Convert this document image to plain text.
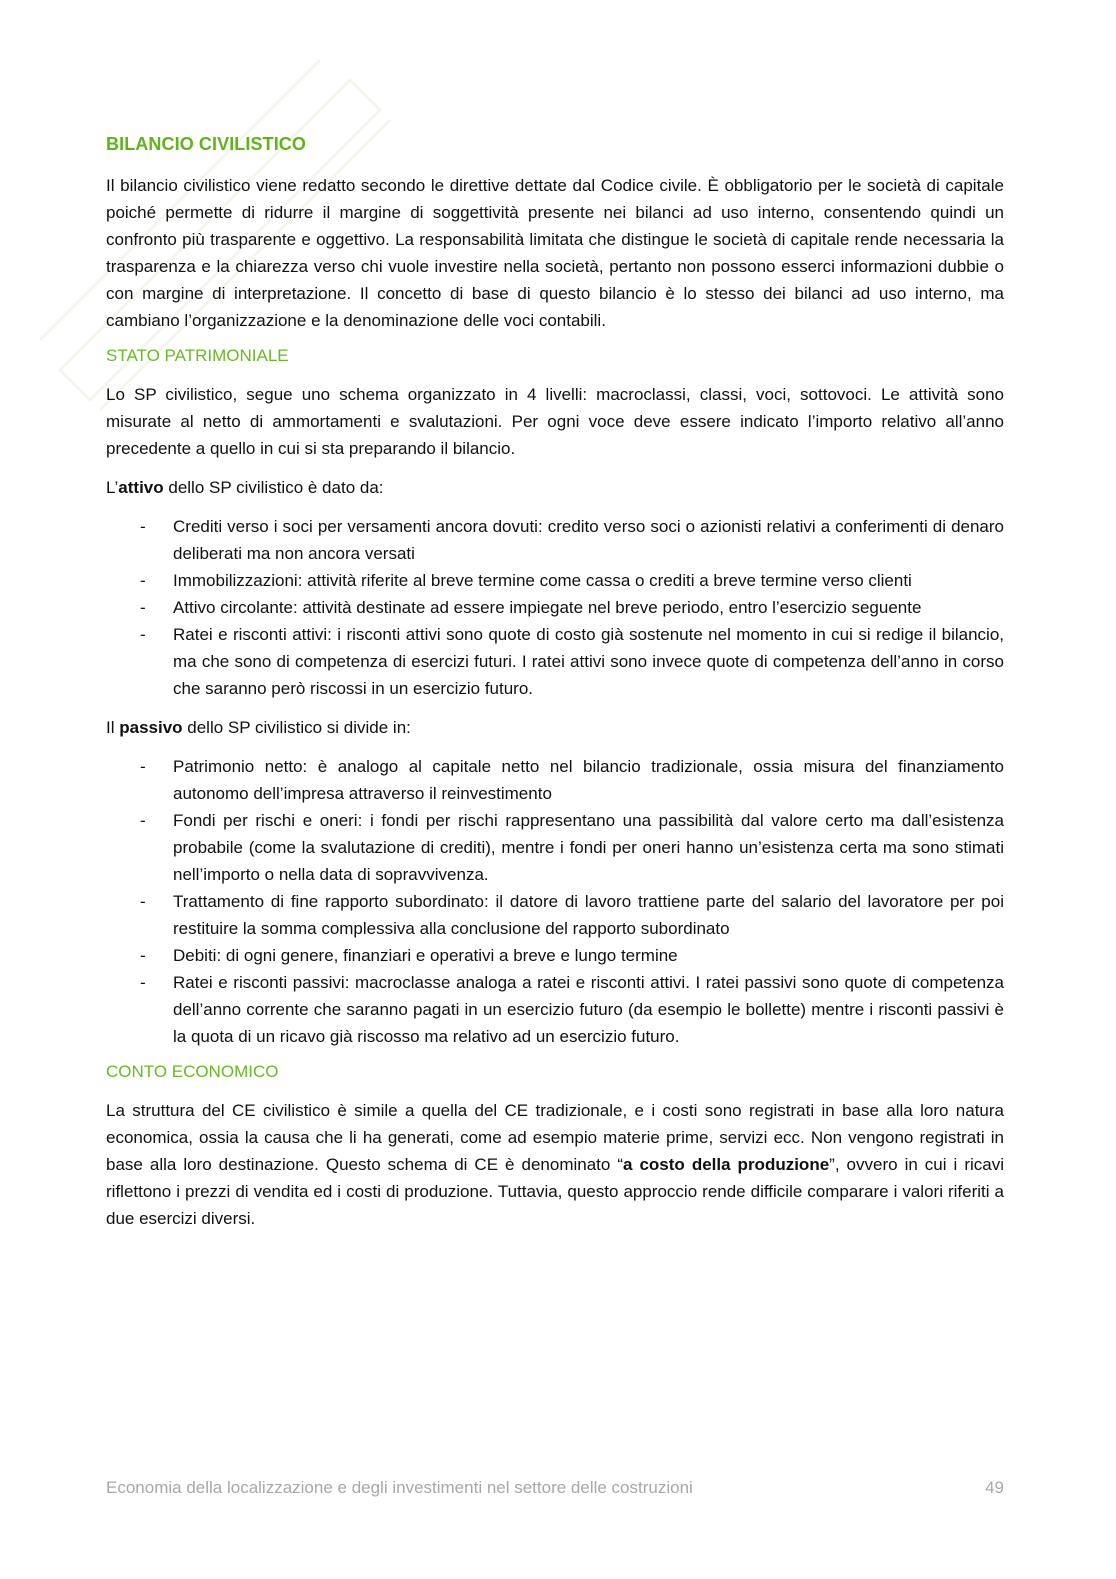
BILANCIO CIVILISTICO

Il bilancio civilistico viene redatto secondo le direttive dettate dal Codice civile. È obbligatorio per le società di capitale poiché permette di ridurre il margine di soggettività presente nei bilanci ad uso interno, consentendo quindi un confronto più trasparente e oggettivo. La responsabilità limitata che distingue le società di capitale rende necessaria la trasparenza e la chiarezza verso chi vuole investire nella società, pertanto non possono esserci informazioni dubbie o con margine di interpretazione. Il concetto di base di questo bilancio è lo stesso dei bilanci ad uso interno, ma cambiano l’organizzazione e la denominazione delle voci contabili.

STATO PATRIMONIALE

Lo SP civilistico, segue uno schema organizzato in 4 livelli: macroclassi, classi, voci, sottovoci. Le attività sono misurate al netto di ammortamenti e svalutazioni. Per ogni voce deve essere indicato l’importo relativo all’anno precedente a quello in cui si sta preparando il bilancio.

L’attivo dello SP civilistico è dato da:

- Crediti verso i soci per versamenti ancora dovuti: credito verso soci o azionisti relativi a conferimenti di denaro deliberati ma non ancora versati
- Immobilizzazioni: attività riferite al breve termine come cassa o crediti a breve termine verso clienti
- Attivo circolante: attività destinate ad essere impiegate nel breve periodo, entro l’esercizio seguente
- Ratei e risconti attivi: i risconti attivi sono quote di costo già sostenute nel momento in cui si redige il bilancio, ma che sono di competenza di esercizi futuri. I ratei attivi sono invece quote di competenza dell’anno in corso che saranno però riscossi in un esercizio futuro.

Il passivo dello SP civilistico si divide in:

- Patrimonio netto: è analogo al capitale netto nel bilancio tradizionale, ossia misura del finanziamento autonomo dell’impresa attraverso il reinvestimento
- Fondi per rischi e oneri: i fondi per rischi rappresentano una passibilità dal valore certo ma dall’esistenza probabile (come la svalutazione di crediti), mentre i fondi per oneri hanno un’esistenza certa ma sono stimati nell’importo o nella data di sopravvivenza.
- Trattamento di fine rapporto subordinato: il datore di lavoro trattiene parte del salario del lavoratore per poi restituire la somma complessiva alla conclusione del rapporto subordinato
- Debiti: di ogni genere, finanziari e operativi a breve e lungo termine
- Ratei e risconti passivi: macroclasse analoga a ratei e risconti attivi. I ratei passivi sono quote di competenza dell’anno corrente che saranno pagati in un esercizio futuro (da esempio le bollette) mentre i risconti passivi è la quota di un ricavo già riscosso ma relativo ad un esercizio futuro.
CONTO ECONOMICO

La struttura del CE civilistico è simile a quella del CE tradizionale, e i costi sono registrati in base alla loro natura economica, ossia la causa che li ha generati, come ad esempio materie prime, servizi ecc. Non vengono registrati in base alla loro destinazione. Questo schema di CE è denominato “a costo della produzione”, ovvero in cui i ricavi riflettono i prezzi di vendita ed i costi di produzione. Tuttavia, questo approccio rende difficile comparare i valori riferiti a due esercizi diversi.

Economia della localizzazione e degli investimenti nel settore delle costruzioni	49
